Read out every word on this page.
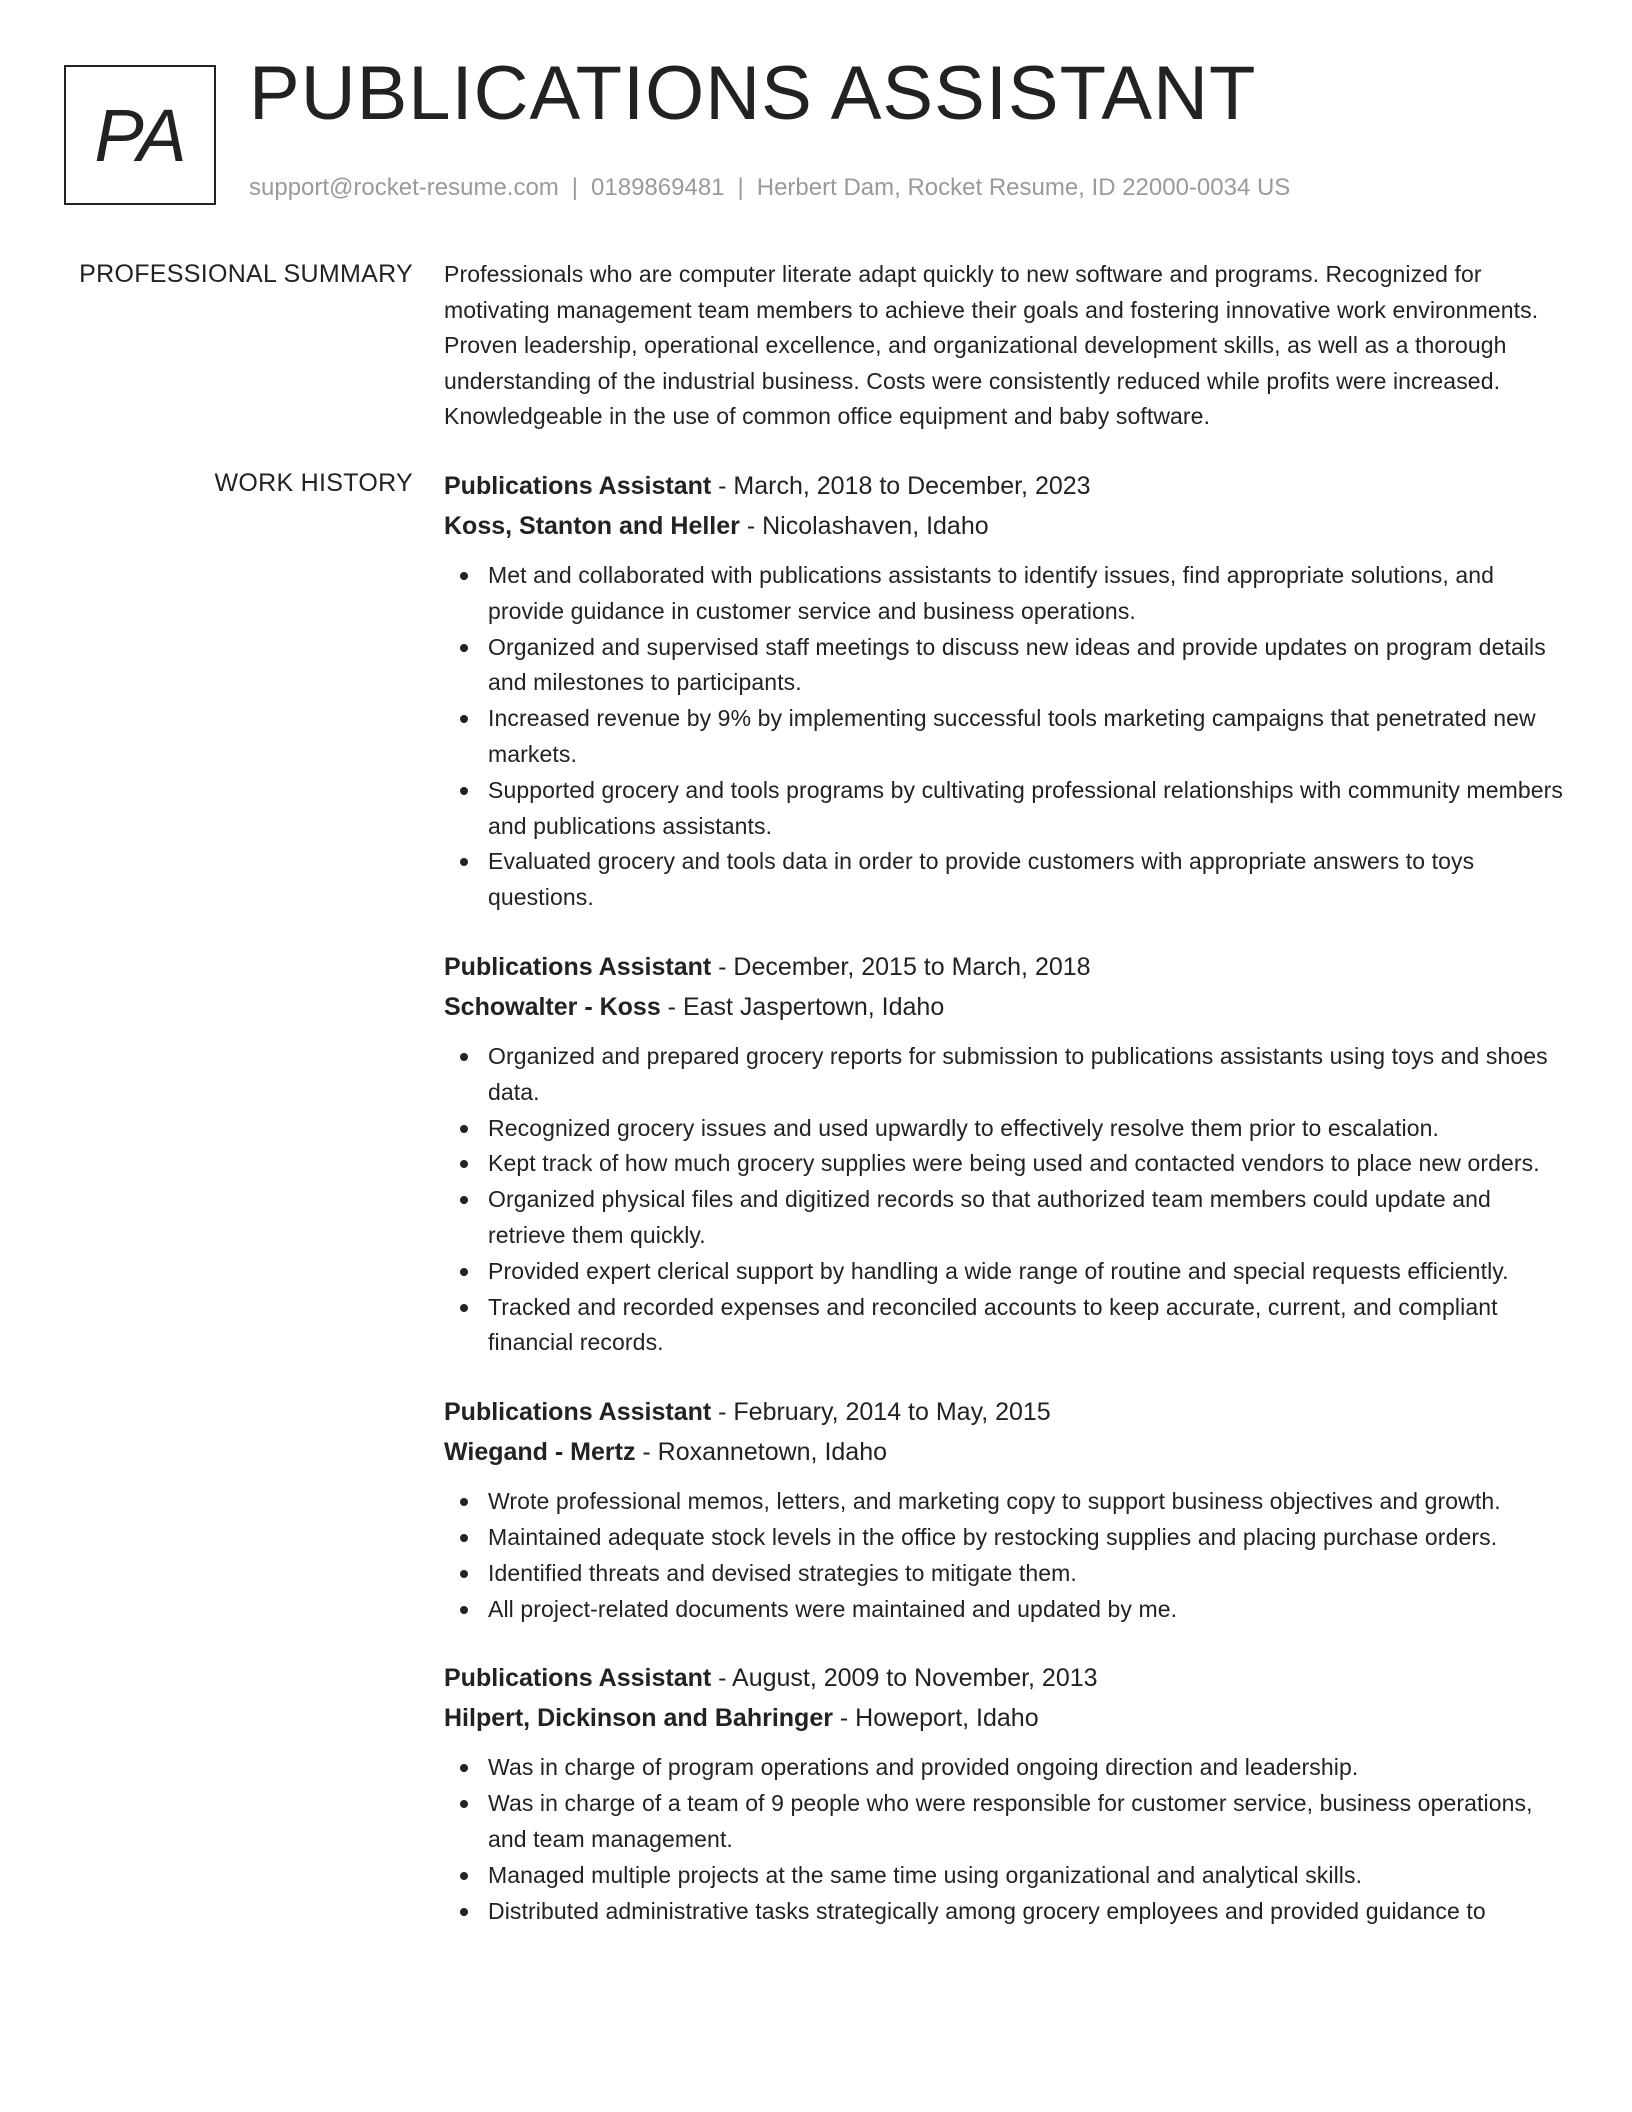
PA PUBLICATIONS ASSISTANT
support@rocket-resume.com | 0189869481 | Herbert Dam, Rocket Resume, ID 22000-0034 US
PROFESSIONAL SUMMARY Professionals who are computer literate adapt quickly to new software and programs. Recognized for motivating management team members to achieve their goals and fostering innovative work environments. Proven leadership, operational excellence, and organizational development skills, as well as a thorough understanding of the industrial business. Costs were consistently reduced while profits were increased. Knowledgeable in the use of common office equipment and baby software.

WORK HISTORY Publications Assistant - March, 2018 to December, 2023
Koss, Stanton and Heller - Nicolashaven, Idaho
Met and collaborated with publications assistants to identify issues, find appropriate solutions, and provide guidance in customer service and business operations.
Organized and supervised staff meetings to discuss new ideas and provide updates on program details and milestones to participants.
Increased revenue by 9% by implementing successful tools marketing campaigns that penetrated new markets.
Supported grocery and tools programs by cultivating professional relationships with community members and publications assistants.
Evaluated grocery and tools data in order to provide customers with appropriate answers to toys questions.
Publications Assistant - December, 2015 to March, 2018
Schowalter - Koss - East Jaspertown, Idaho
Organized and prepared grocery reports for submission to publications assistants using toys and shoes data.
Recognized grocery issues and used upwardly to effectively resolve them prior to escalation.
Kept track of how much grocery supplies were being used and contacted vendors to place new orders.
Organized physical files and digitized records so that authorized team members could update and retrieve them quickly.
Provided expert clerical support by handling a wide range of routine and special requests efficiently.
Tracked and recorded expenses and reconciled accounts to keep accurate, current, and compliant financial records.
Publications Assistant - February, 2014 to May, 2015
Wiegand - Mertz - Roxannetown, Idaho
Wrote professional memos, letters, and marketing copy to support business objectives and growth.
Maintained adequate stock levels in the office by restocking supplies and placing purchase orders.
Identified threats and devised strategies to mitigate them.
All project-related documents were maintained and updated by me.
Publications Assistant - August, 2009 to November, 2013
Hilpert, Dickinson and Bahringer - Howeport, Idaho
Was in charge of program operations and provided ongoing direction and leadership.
Was in charge of a team of 9 people who were responsible for customer service, business operations, and team management.
Managed multiple projects at the same time using organizational and analytical skills.
Distributed administrative tasks strategically among grocery employees and provided guidance to
